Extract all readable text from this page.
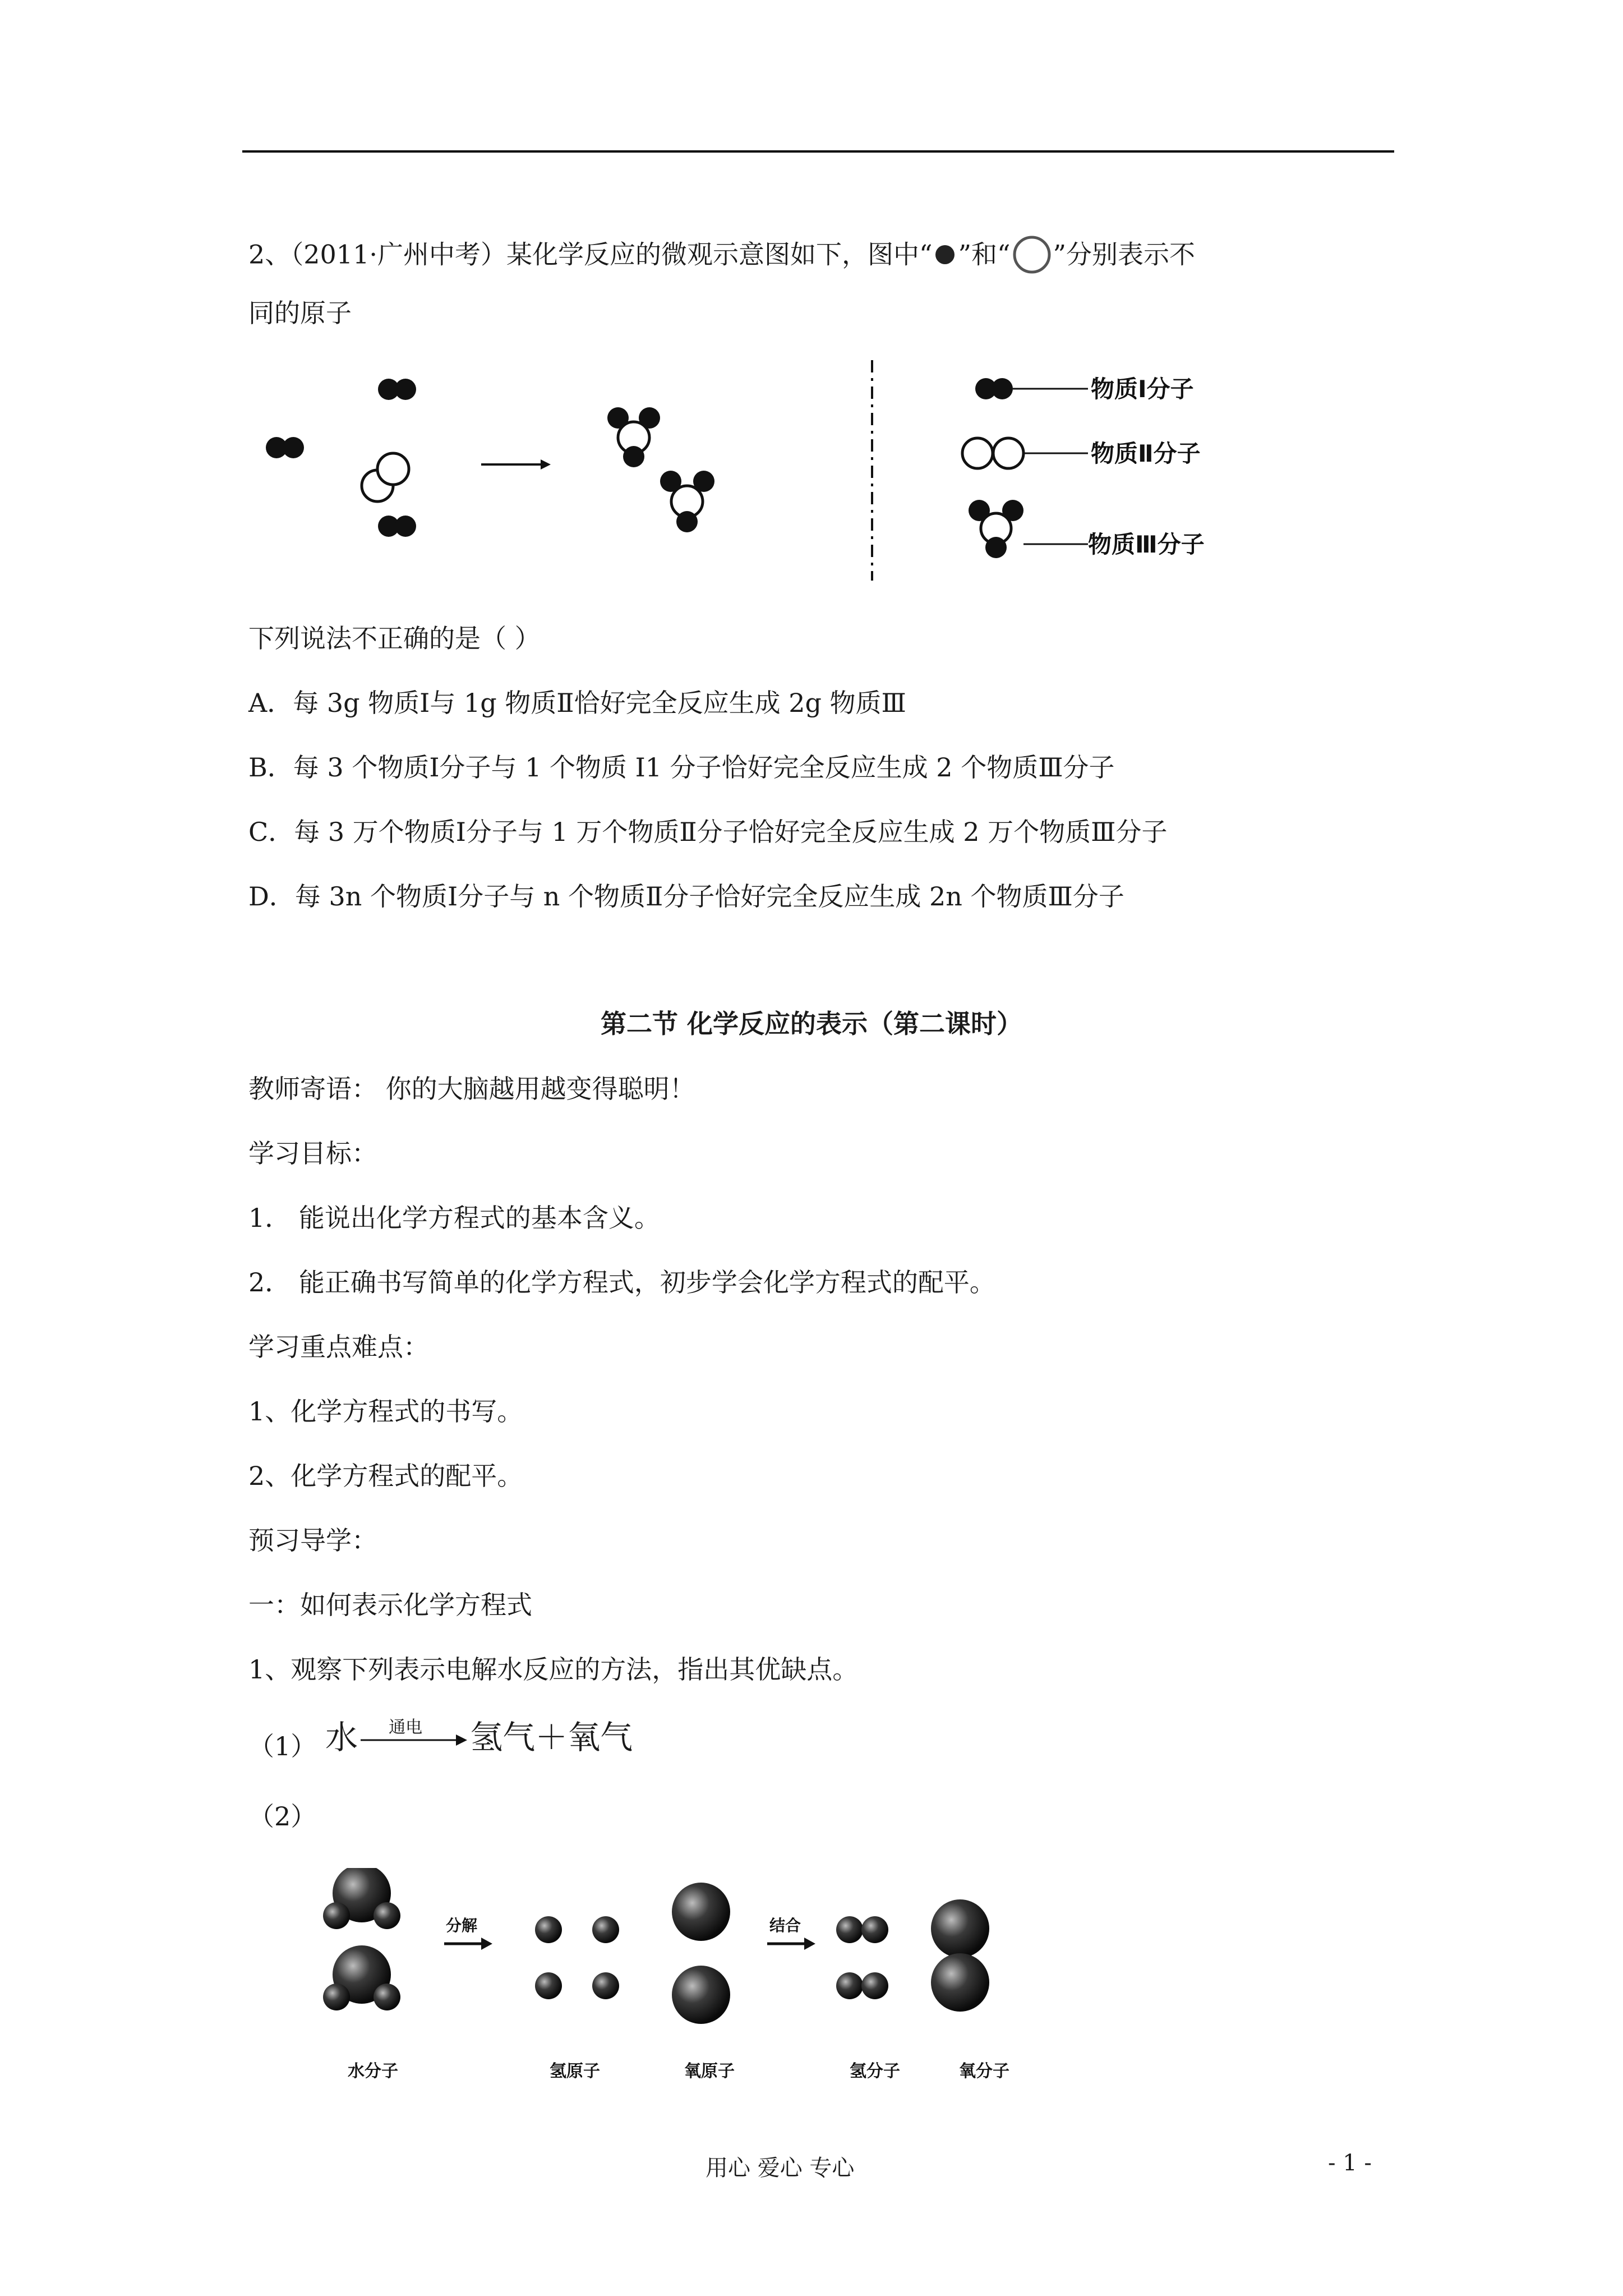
2、（2011·广州中考）某化学反应的微观示意图如下，图中“ ”和“ ”分别表示不
同的原子
物质Ⅰ分子
物质Ⅱ分子
物质Ⅲ分子
下列说法不正确的是（ ）
A．每 3g 物质Ⅰ与 1g 物质Ⅱ恰好完全反应生成 2g 物质Ⅲ
B．每 3 个物质Ⅰ分子与 1 个物质 I1 分子恰好完全反应生成 2 个物质Ⅲ分子
C．每 3 万个物质Ⅰ分子与 1 万个物质Ⅱ分子恰好完全反应生成 2 万个物质Ⅲ分子
D．每 3n 个物质Ⅰ分子与 n 个物质Ⅱ分子恰好完全反应生成 2n 个物质Ⅲ分子
第二节 化学反应的表示（第二课时）
教师寄语： 你的大脑越用越变得聪明！
学习目标：
1． 能说出化学方程式的基本含义。
2． 能正确书写简单的化学方程式，初步学会化学方程式的配平。
学习重点难点：
1、化学方程式的书写。
2、化学方程式的配平。
预习导学：
一：如何表示化学方程式
1、观察下列表示电解水反应的方法，指出其优缺点。
（1） 水 通电 氢气＋氧气
（2）
分解	结合
水分子	氢原子	氧原子	氢分子	氧分子
用心 爱心 专心	- 1 -
